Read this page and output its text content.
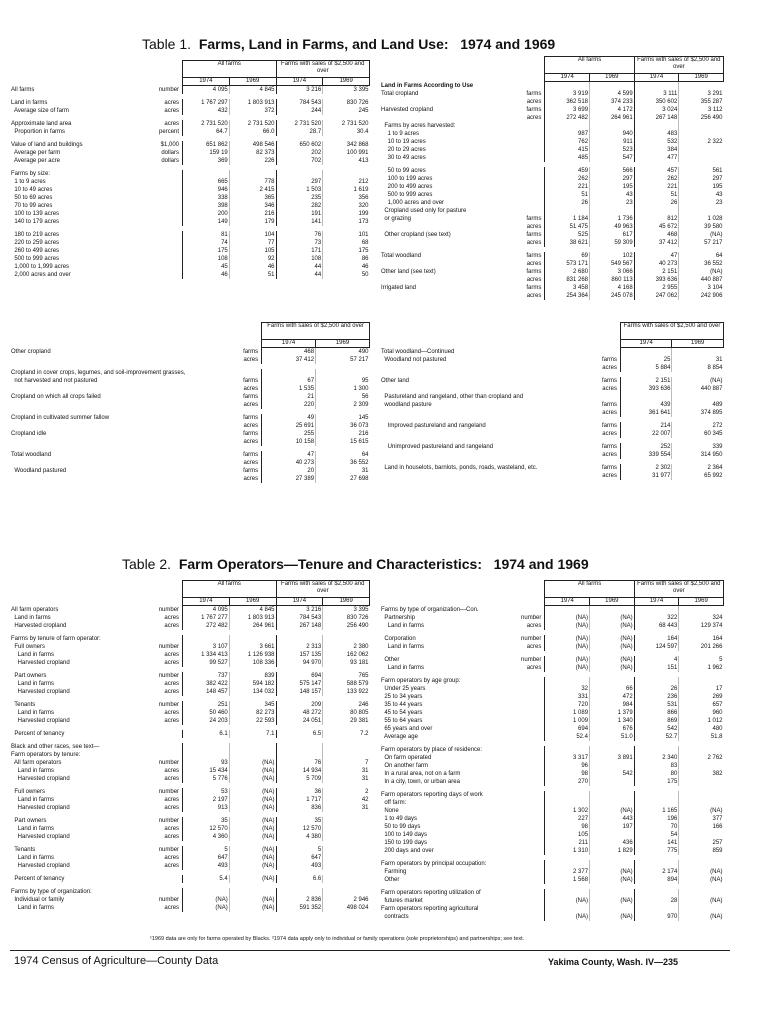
Table 1. Farms, Land in Farms, and Land Use: 1974 and 1969
		All farms		Farms with sales of $2,500 and over	
		1974	1969	1974	1969
All farms	number	4 095	4 845	3 216	3 395

Land in farms	acres	1 767 297	1 803 913	784 543	830 726
Average size of farm	acres	432	372	244	245

Approximate land area	acres	2 731 520	2 731 520	2 731 520	2 731 520
Proportion in farms	percent	64.7	66.0	28.7	30.4

Value of land and buildings	$1,000	651 862	498 546	650 602	342 868
Average per farm	dollars	159 19	82 373	202	100 991
Average per acre	dollars	369	226	702	413

Farms by size:					
1 to 9 acres		665	778	297	212
10 to 49 acres		946	2 415	1 503	1 619
50 to 69 acres		338	365	235	356
70 to 99 acres		398	346	282	320
100 to 139 acres		200	216	191	199
140 to 179 acres		149	179	141	173

180 to 219 acres		81	104	76	101
220 to 259 acres		74	77	73	68
260 to 499 acres		175	105	171	175
500 to 999 acres		108	92	108	86
1,000 to 1,999 acres		45	46	44	46
2,000 acres and over		46	51	44	50
		Farms with sales of $2,500 and over	
		1974	1969
Other cropland	farms	468	490
	acres	37 412	57 217

Cropland in cover crops, legumes, and soil-improvement grasses,			
not harvested and not pastured	farms	67	95
	acres	1 535	1 300
Cropland on which all crops failed	farms	21	56
	acres	220	2 309

Cropland in cultivated summer fallow	farms	49	145
	acres	25 691	36 073
Cropland idle	farms	255	216
	acres	10 158	15 615

Total woodland	farms	47	64
	acres	40 273	36 552
Woodland pastured	farms	20	31
	acres	27 389	27 698
		All farms		Farms with sales of $2,500 and over	
		1974	1969	1974	1969
Land in Farms According to Use					
Total cropland	farms	3 919	4 599	3 111	3 291
	acres	362 518	374 233	350 602	355 287
Harvested cropland	farms	3 699	4 172	3 024	3 112
	acres	272 482	264 961	267 148	256 490
Farms by acres harvested:					
1 to 9 acres		987	940	483	
10 to 19 acres		762	911	532	2 322
20 to 29 acres		415	523	384	
30 to 49 acres		485	547	477	

50 to 99 acres		459	566	457	561
100 to 199 acres		262	297	262	297
200 to 499 acres		221	195	221	195
500 to 999 acres		51	43	51	43
1,000 acres and over		26	23	26	23
Cropland used only for pasture					
or grazing	farms	1 184	1 736	812	1 028
	acres	51 475	49 963	45 672	39 580
Other cropland (see text)	farms	525	617	468	(NA)
	acres	38 621	59 309	37 412	57 217

Total woodland	farms	69	102	47	64
	acres	573 171	549 567	40 273	36 552
Other land (see text)	farms	2 680	3 066	2 151	(NA)
	acres	831 268	860 113	393 636	440 887
Irrigated land	farms	3 458	4 168	2 955	3 104
	acres	254 364	245 078	247 062	242 906
		Farms with sales of $2,500 and over	
		1974	1969
Total woodland—Continued			
Woodland not pastured	farms	25	31
	acres	5 884	8 854

Other land	farms	2 151	(NA)
	acres	393 636	440 887
Pastureland and rangeland, other than cropland and			
woodland pasture	farms	439	489
	acres	361 641	374 895

Improved pastureland and rangeland	farms	214	272
	acres	22 007	60 345

Unimproved pastureland and rangeland	farms	252	339
	acres	339 554	314 950

Land in houselots, barnlots, ponds, roads, wasteland, etc.	farms	2 302	2 364
	acres	31 977	65 992
Table 2. Farm Operators—Tenure and Characteristics: 1974 and 1969
		All farms		Farms with sales of $2,500 and over	
		1974	1969	1974	1969
All farm operators	number	4 095	4 845	3 216	3 395
Land in farms	acres	1 767 277	1 803 913	784 543	830 726
Harvested cropland	acres	272 482	264 961	267 148	256 490

Farms by tenure of farm operator:					
Full owners	number	3 107	3 661	2 313	2 380
Land in farms	acres	1 334 413	1 126 938	157 135	162 062
Harvested cropland	acres	99 527	108 336	94 970	93 181

Part owners	number	737	839	694	765
Land in farms	acres	382 422	594 182	575 147	588 579
Harvested cropland	acres	148 457	134 032	148 157	133 922

Tenants	number	251	345	209	246
Land in farms	acres	50 460	82 273	48 272	80 805
Harvested cropland	acres	24 203	22 593	24 051	29 381

Percent of tenancy		6.1	7.1	6.5	7.2

Black and other races, see text—					
Farm operators by tenure:					
All farm operators	number	93	(NA)	76	7
Land in farms	acres	15 434	(NA)	14 934	31
Harvested cropland	acres	5 776	(NA)	5 709	31

Full owners	number	53	(NA)	36	2
Land in farms	acres	2 197	(NA)	1 717	42
Harvested cropland	acres	913	(NA)	836	31

Part owners	number	35	(NA)	35	
Land in farms	acres	12 570	(NA)	12 570	
Harvested cropland	acres	4 360	(NA)	4 380	

Tenants	number	5	(NA)	5	
Land in farms	acres	647	(NA)	647	
Harvested cropland	acres	493	(NA)	493	

Percent of tenancy		5.4	(NA)	6.6	

Farms by type of organization:					
Individual or family	number	(NA)	(NA)	2 836	2 946
Land in farms	acres	(NA)	(NA)	591 352	498 024
		All farms		Farms with sales of $2,500 and over	
		1974	1969	1974	1969
Farms by type of organization—Con.					
Partnership	number	(NA)	(NA)	322	324
Land in farms	acres	(NA)	(NA)	68 443	129 374

Corporation	number	(NA)	(NA)	164	164
Land in farms	acres	(NA)	(NA)	124 597	201 266

Other	number	(NA)	(NA)	4	5
Land in farms	acres	(NA)	(NA)	151	1 962

Farm operators by age group:					
Under 25 years		32	66	26	17
25 to 34 years		331	472	236	269
35 to 44 years		720	984	531	657
45 to 54 years		1 089	1 379	866	960
55 to 64 years		1 009	1 340	869	1 012
65 years and over		694	676	542	480
Average age		52.4	51.0	52.7	51.8

Farm operators by place of residence:					
On farm operated		3 317	3 891	2 340	2 762
On another farm		96		83	
In a rural area, not on a farm		98	542	80	382
In a city, town, or urban area		270		175	

Farm operators reporting days of work					
off farm:					
None		1 302	(NA)	1 165	(NA)
1 to 49 days		227	443	196	377
50 to 99 days		98	197	70	166
100 to 149 days		105		54	
150 to 199 days		211	436	141	257
200 days and over		1 310	1 829	775	859

Farm operators by principal occupation:					
Farming		2 377	(NA)	2 174	(NA)
Other		1 568	(NA)	894	(NA)

Farm operators reporting utilization of					
futures market		(NA)	(NA)	28	(NA)
Farm operators reporting agricultural					
contracts		(NA)	(NA)	970	(NA)
¹1969 data are only for farms operated by Blacks. ²1974 data apply only to individual or family operations (sole proprietorships) and partnerships; see text.
1974 Census of Agriculture—County Data	Yakima County, Wash. IV—235
